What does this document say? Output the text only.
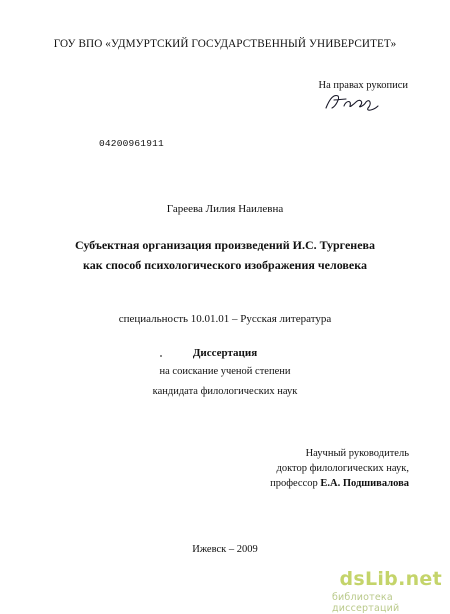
ГОУ ВПО «УДМУРТСКИЙ ГОСУДАРСТВЕННЫЙ УНИВЕРСИТЕТ»
На правах рукописи
04200961911
Гареева Лилия Наилевна
Субъектная организация произведений И.С. Тургенева
как способ психологического изображения человека
специальность 10.01.01 – Русская литература
Диссертация
на соискание ученой степени
кандидата филологических наук
Научный руководитель
доктор филологических наук,
профессор Е.А. Подшивалова
Ижевск – 2009
dsLib.net
библиотека диссертаций
